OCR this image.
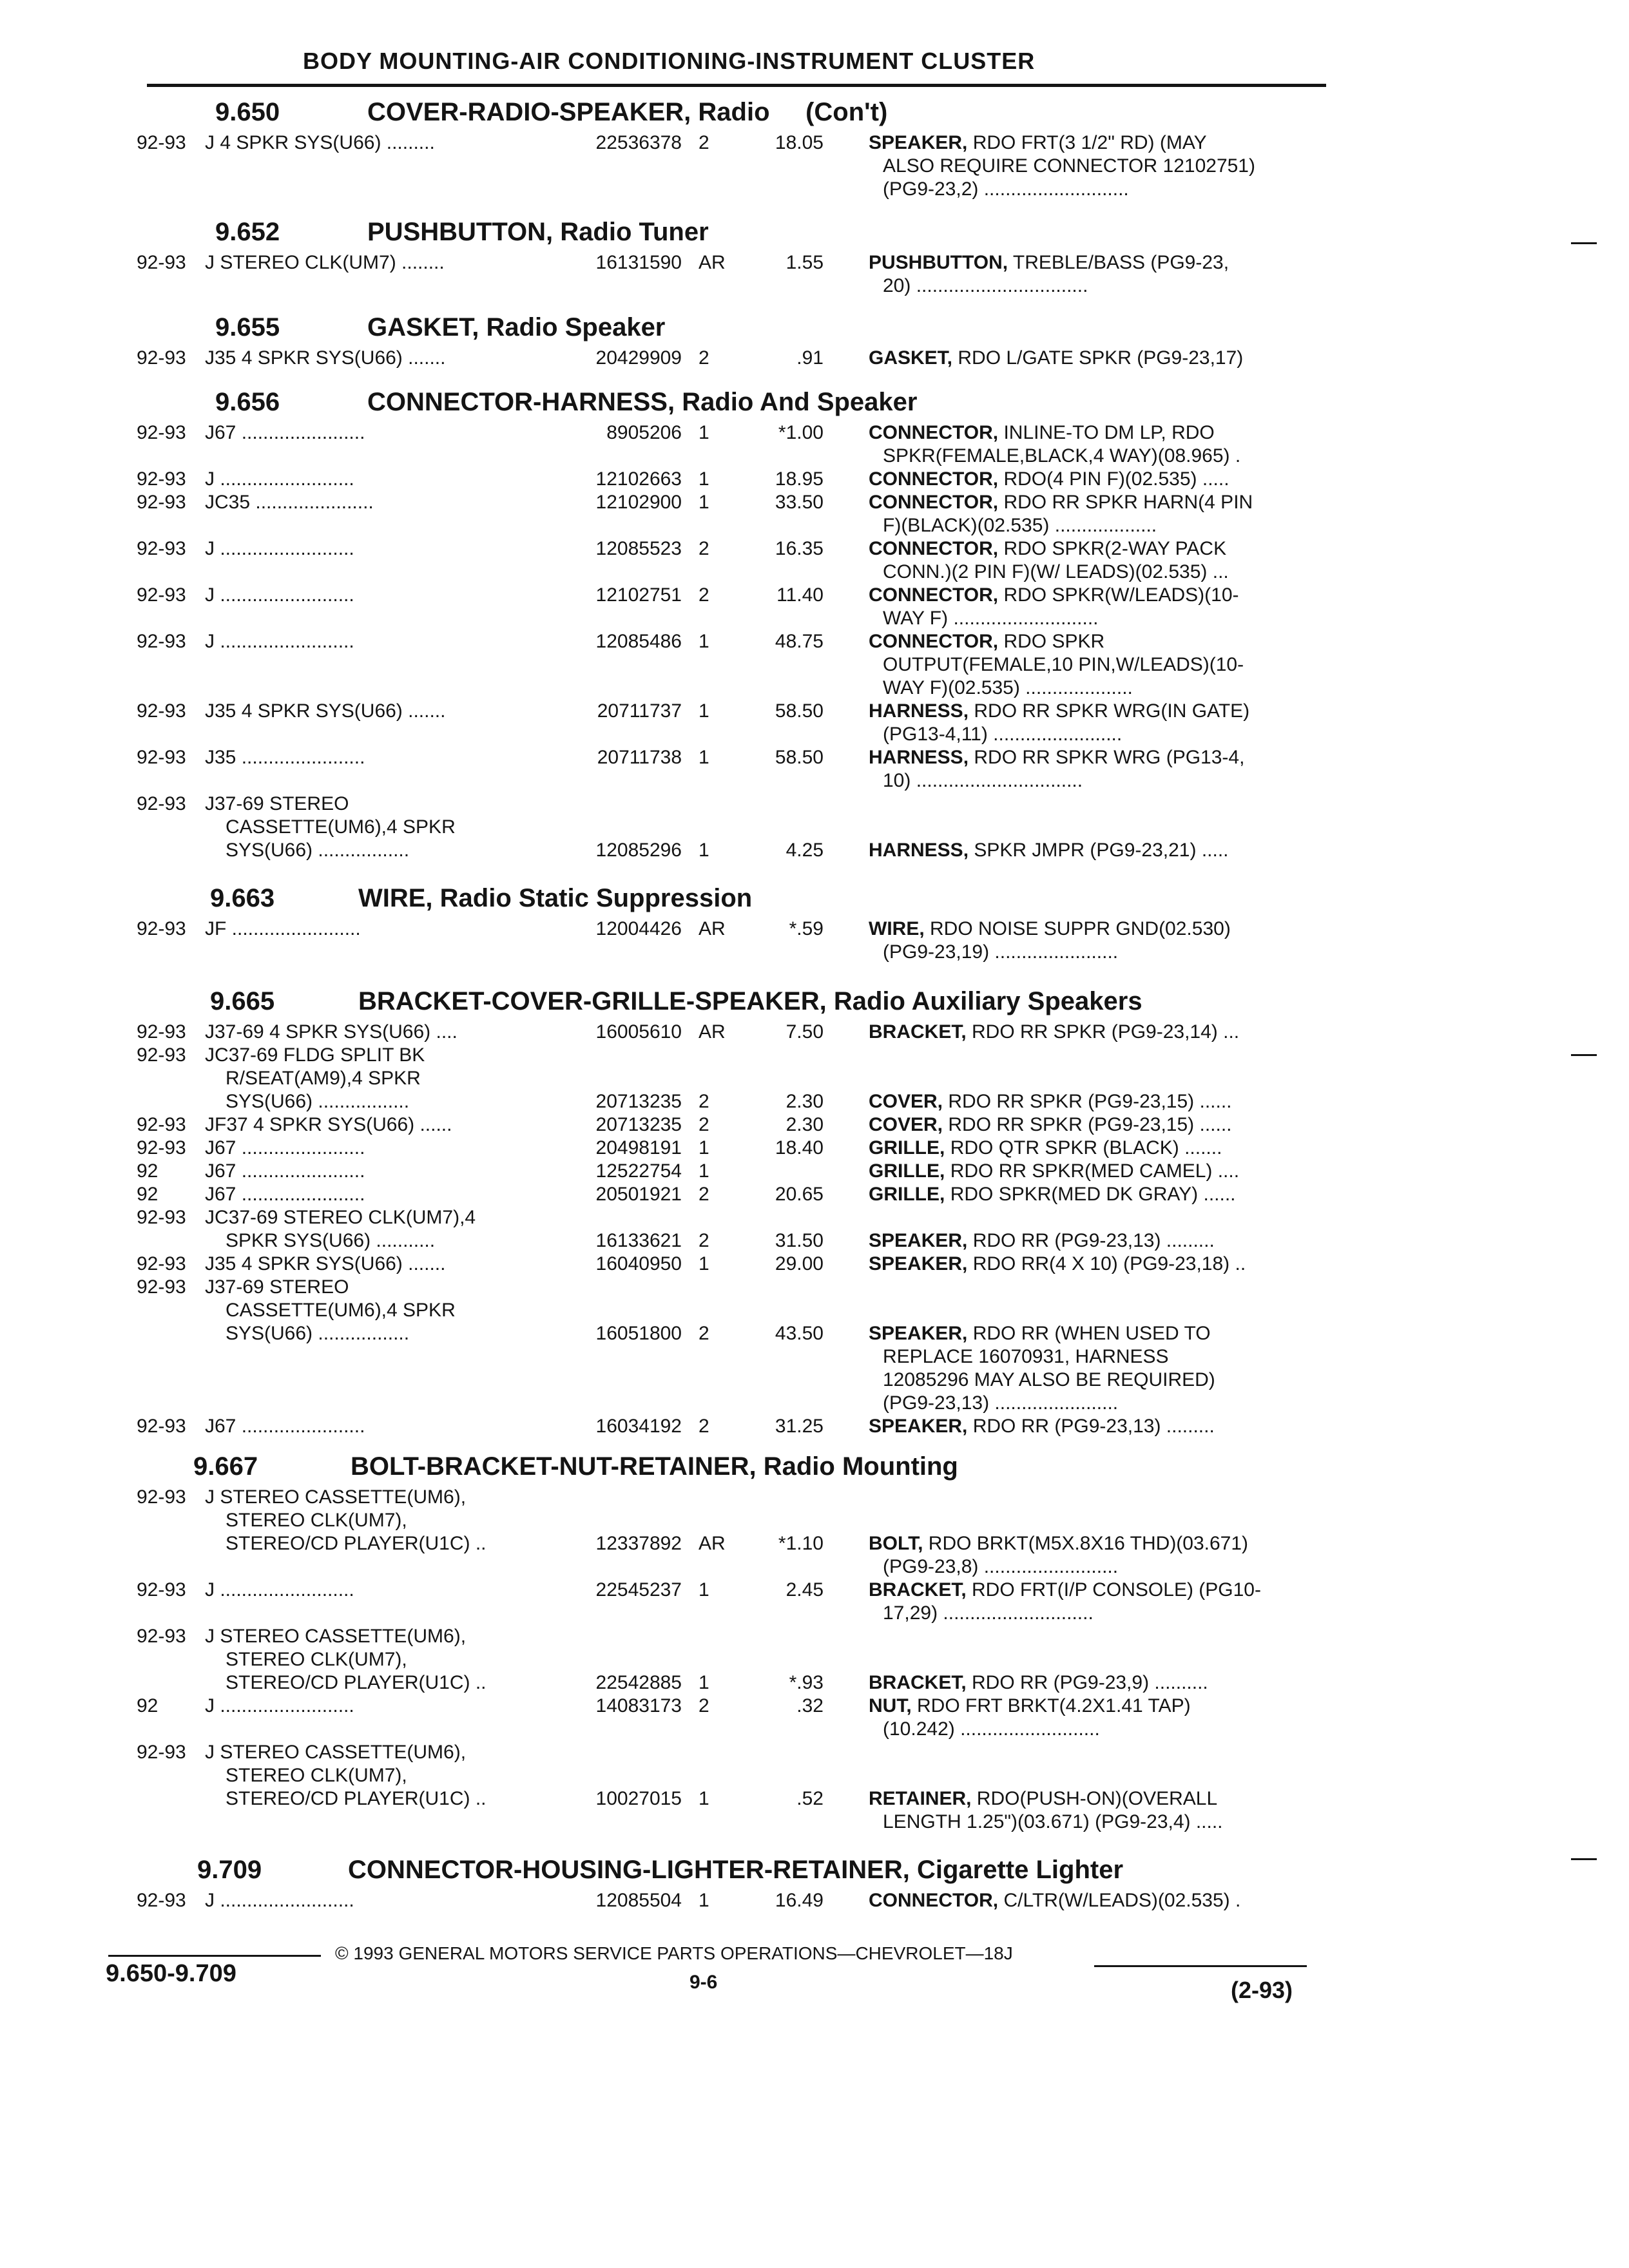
BODY MOUNTING-AIR CONDITIONING-INSTRUMENT CLUSTER
9.650	COVER-RADIO-SPEAKER, Radio     (Con't)
92-93 J 4 SPKR SYS(U66) .........	22536378 2	18.05 SPEAKER, RDO FRT(3 1/2" RD) (MAY
ALSO REQUIRE CONNECTOR 12102751)
(PG9-23,2) ...........................
9.652	PUSHBUTTON, Radio Tuner
92-93 J STEREO CLK(UM7) ........	16131590 AR	1.55 PUSHBUTTON, TREBLE/BASS (PG9-23,
20) ................................
9.655	GASKET, Radio Speaker
92-93 J35 4 SPKR SYS(U66) .......	20429909 2	.91 GASKET, RDO L/GATE SPKR (PG9-23,17)
9.656	CONNECTOR-HARNESS, Radio And Speaker
92-93 J67 .......................	8905206 1	*1.00 CONNECTOR, INLINE-TO DM LP, RDO
SPKR(FEMALE,BLACK,4 WAY)(08.965) .
92-93 J .........................	12102663 1	18.95 CONNECTOR, RDO(4 PIN F)(02.535) .....
92-93 JC35 ......................	12102900 1	33.50 CONNECTOR, RDO RR SPKR HARN(4 PIN
F)(BLACK)(02.535) ...................
92-93 J .........................	12085523 2	16.35 CONNECTOR, RDO SPKR(2-WAY PACK
CONN.)(2 PIN F)(W/ LEADS)(02.535) ...
92-93 J .........................	12102751 2	11.40 CONNECTOR, RDO SPKR(W/LEADS)(10-
WAY F) ...........................
92-93 J .........................	12085486 1	48.75 CONNECTOR, RDO SPKR
OUTPUT(FEMALE,10 PIN,W/LEADS)(10-
WAY F)(02.535) ....................
92-93 J35 4 SPKR SYS(U66) .......	20711737 1	58.50 HARNESS, RDO RR SPKR WRG(IN GATE)
(PG13-4,11) ........................
92-93 J35 .......................	20711738 1	58.50 HARNESS, RDO RR SPKR WRG (PG13-4,
10) ...............................
92-93 J37-69 STEREO
CASSETTE(UM6),4 SPKR
SYS(U66) .................	12085296 1	4.25 HARNESS, SPKR JMPR (PG9-23,21) .....
9.663	WIRE, Radio Static Suppression
92-93 JF ........................	12004426 AR	*.59 WIRE, RDO NOISE SUPPR GND(02.530)
(PG9-23,19) .......................
9.665	BRACKET-COVER-GRILLE-SPEAKER, Radio Auxiliary Speakers
92-93 J37-69 4 SPKR SYS(U66) ....	16005610 AR	7.50 BRACKET, RDO RR SPKR (PG9-23,14) ...
92-93 JC37-69 FLDG SPLIT BK
R/SEAT(AM9),4 SPKR
SYS(U66) .................	20713235 2	2.30 COVER, RDO RR SPKR (PG9-23,15) ......
92-93 JF37 4 SPKR SYS(U66) ......	20713235 2	2.30 COVER, RDO RR SPKR (PG9-23,15) ......
92-93 J67 .......................	20498191 1	18.40 GRILLE, RDO QTR SPKR (BLACK) .......
92 J67 .......................	12522754 1	GRILLE, RDO RR SPKR(MED CAMEL) ....
92 J67 .......................	20501921 2	20.65 GRILLE, RDO SPKR(MED DK GRAY) ......
92-93 JC37-69 STEREO CLK(UM7),4
SPKR SYS(U66) ...........	16133621 2	31.50 SPEAKER, RDO RR (PG9-23,13) .........
92-93 J35 4 SPKR SYS(U66) .......	16040950 1	29.00 SPEAKER, RDO RR(4 X 10) (PG9-23,18) ..
92-93 J37-69 STEREO
CASSETTE(UM6),4 SPKR
SYS(U66) .................	16051800 2	43.50 SPEAKER, RDO RR (WHEN USED TO
REPLACE 16070931, HARNESS
12085296 MAY ALSO BE REQUIRED)
(PG9-23,13) .......................
92-93 J67 .......................	16034192 2	31.25 SPEAKER, RDO RR (PG9-23,13) .........
9.667	BOLT-BRACKET-NUT-RETAINER, Radio Mounting
92-93 J STEREO CASSETTE(UM6),
STEREO CLK(UM7),
STEREO/CD PLAYER(U1C) ..	12337892 AR	*1.10 BOLT, RDO BRKT(M5X.8X16 THD)(03.671)
(PG9-23,8) .........................
92-93 J .........................	22545237 1	2.45 BRACKET, RDO FRT(I/P CONSOLE) (PG10-
17,29) ............................
92-93 J STEREO CASSETTE(UM6),
STEREO CLK(UM7),
STEREO/CD PLAYER(U1C) ..	22542885 1	*.93 BRACKET, RDO RR (PG9-23,9) ..........
92 J .........................	14083173 2	.32 NUT, RDO FRT BRKT(4.2X1.41 TAP)
(10.242) ..........................
92-93 J STEREO CASSETTE(UM6),
STEREO CLK(UM7),
STEREO/CD PLAYER(U1C) ..	10027015 1	.52 RETAINER, RDO(PUSH-ON)(OVERALL
LENGTH 1.25")(03.671) (PG9-23,4) .....
9.709	CONNECTOR-HOUSING-LIGHTER-RETAINER, Cigarette Lighter
92-93 J .........................	12085504 1	16.49 CONNECTOR, C/LTR(W/LEADS)(02.535) .
© 1993 GENERAL MOTORS SERVICE PARTS OPERATIONS—CHEVROLET—18J
9.650-9.709	9-6	(2-93)
